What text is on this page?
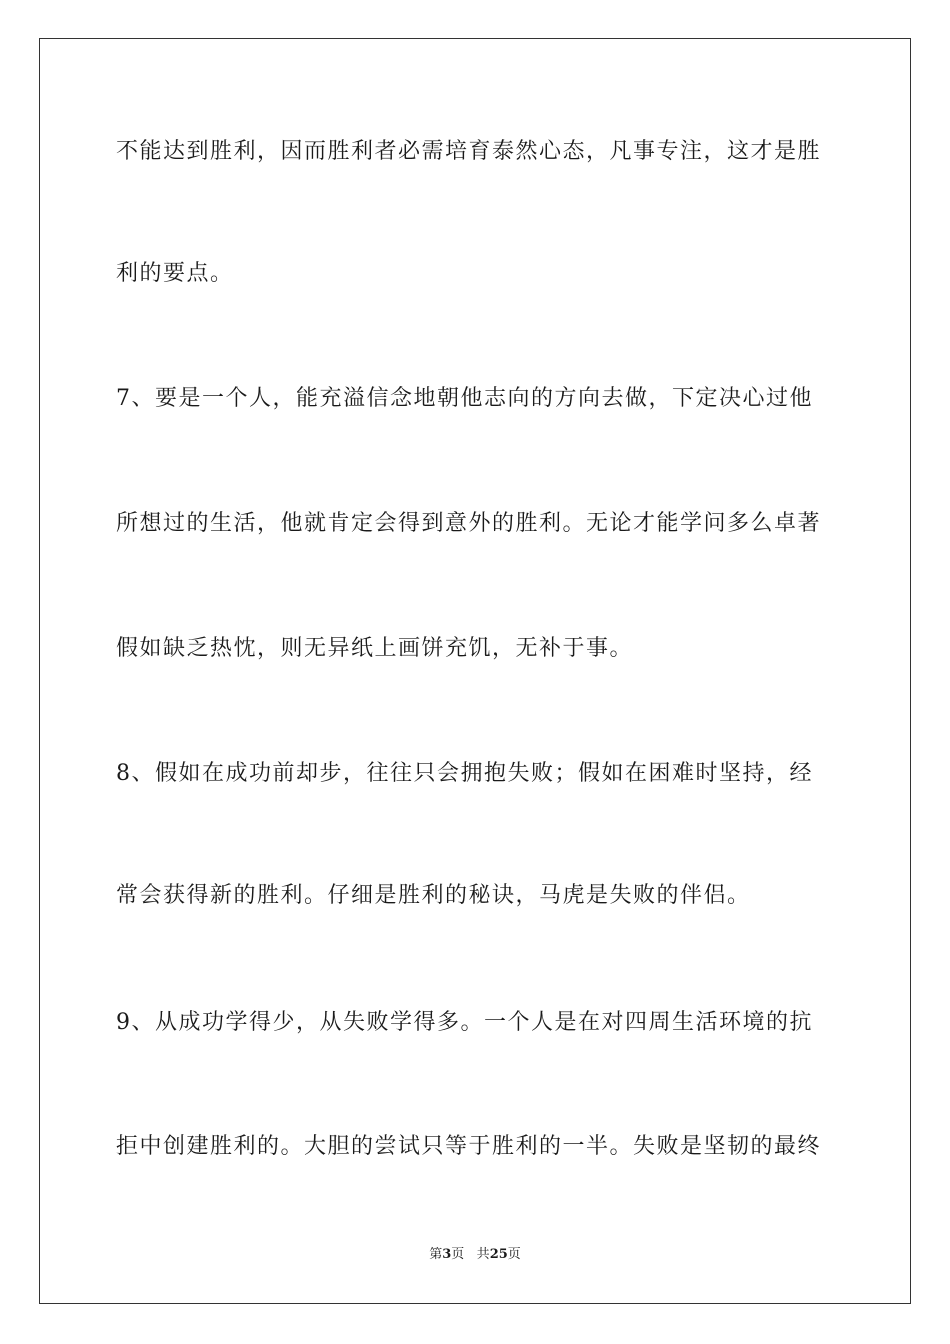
不能达到胜利，因而胜利者必需培育泰然心态，凡事专注，这才是胜
利的要点。
7、要是一个人，能充溢信念地朝他志向的方向去做，下定决心过他
所想过的生活，他就肯定会得到意外的胜利。无论才能学问多么卓著
假如缺乏热忱，则无异纸上画饼充饥，无补于事。
8、假如在成功前却步，往往只会拥抱失败；假如在困难时坚持，经
常会获得新的胜利。仔细是胜利的秘诀，马虎是失败的伴侣。
9、从成功学得少，从失败学得多。一个人是在对四周生活环境的抗
拒中创建胜利的。大胆的尝试只等于胜利的一半。失败是坚韧的最终
第3页 共25页
